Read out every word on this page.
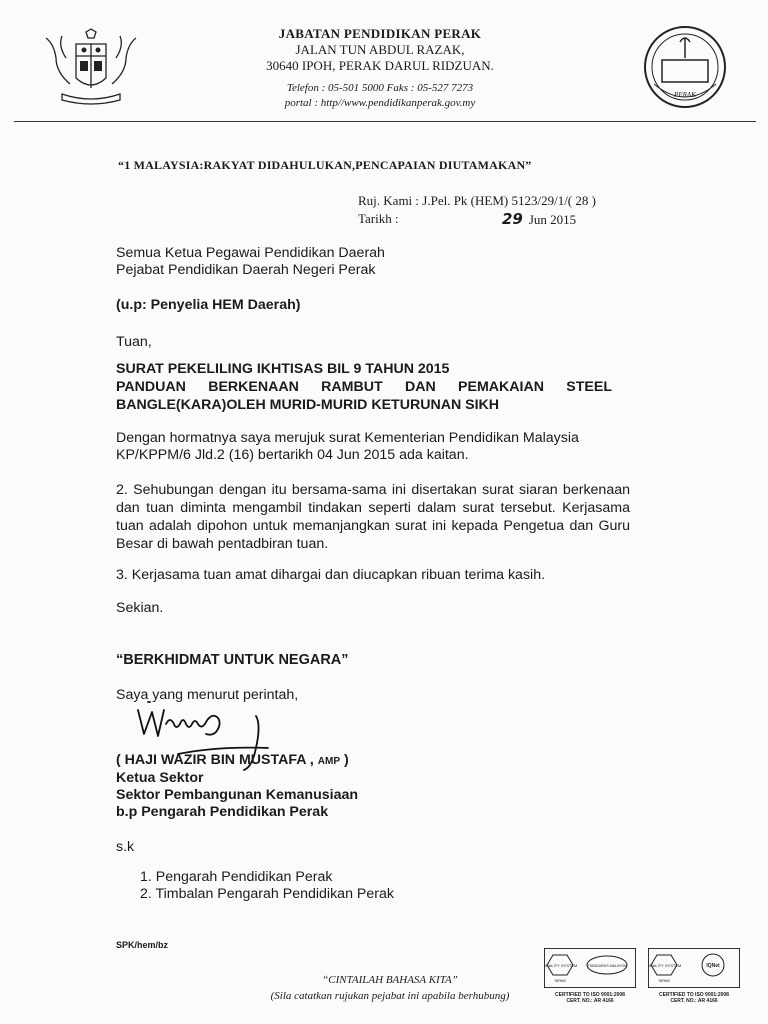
JABATAN PENDIDIKAN PERAK
JALAN TUN ABDUL RAZAK,
30640 IPOH, PERAK DARUL RIDZUAN.
Telefon : 05-501 5000 Faks : 05-527 7273
portal : http//www.pendidikanperak.gov.my
PERAK
“1 MALAYSIA:RAKYAT DIDAHULUKAN,PENCAPAIAN DIUTAMAKAN”
Ruj. Kami : J.Pel. Pk (HEM) 5123/29/1/( 28 )
Tarikh :	29 Jun 2015
Semua Ketua Pegawai Pendidikan Daerah
Pejabat Pendidikan Daerah Negeri Perak
(u.p: Penyelia HEM Daerah)
Tuan,
SURAT PEKELILING IKHTISAS BIL 9 TAHUN 2015
PANDUAN BERKENAAN RAMBUT DAN PEMAKAIAN STEEL
BANGLE(KARA)OLEH MURID-MURID KETURUNAN SIKH
Dengan hormatnya saya merujuk surat Kementerian Pendidikan Malaysia
KP/KPPM/6 Jld.2 (16) bertarikh 04 Jun 2015 ada kaitan.
2. Sehubungan dengan itu bersama-sama ini disertakan surat siaran berkenaan dan tuan diminta mengambil tindakan seperti dalam surat tersebut. Kerjasama tuan adalah dipohon untuk memanjangkan surat ini kepada Pengetua dan Guru Besar di bawah pentadbiran tuan.
3. Kerjasama tuan amat dihargai dan diucapkan ribuan terima kasih.
Sekian.
“BERKHIDMAT UNTUK NEGARA”
Saya yang menurut perintah,
( HAJI WAZIR BIN MUSTAFA , AMP )
Ketua Sektor
Sektor Pembangunan Kemanusiaan
b.p Pengarah Pendidikan Perak
s.k
1. Pengarah Pendidikan Perak
2. Timbalan Pengarah Pendidikan Perak
SPK/hem/bz
“CINTAILAH BAHASA KITA”
(Sila catatkan rujukan pejabat ini apabila berhubung)
QUALITY SYSTEM
SIRIM
STANDARDS MALAYSIA	QUALITY SYSTEM
SIRIM
IQNet
CERTIFIED TO ISO 9001:2008
CERT. NO.: AR 4166
CERTIFIED TO ISO 9001:2008
CERT. NO.: AR 4166
